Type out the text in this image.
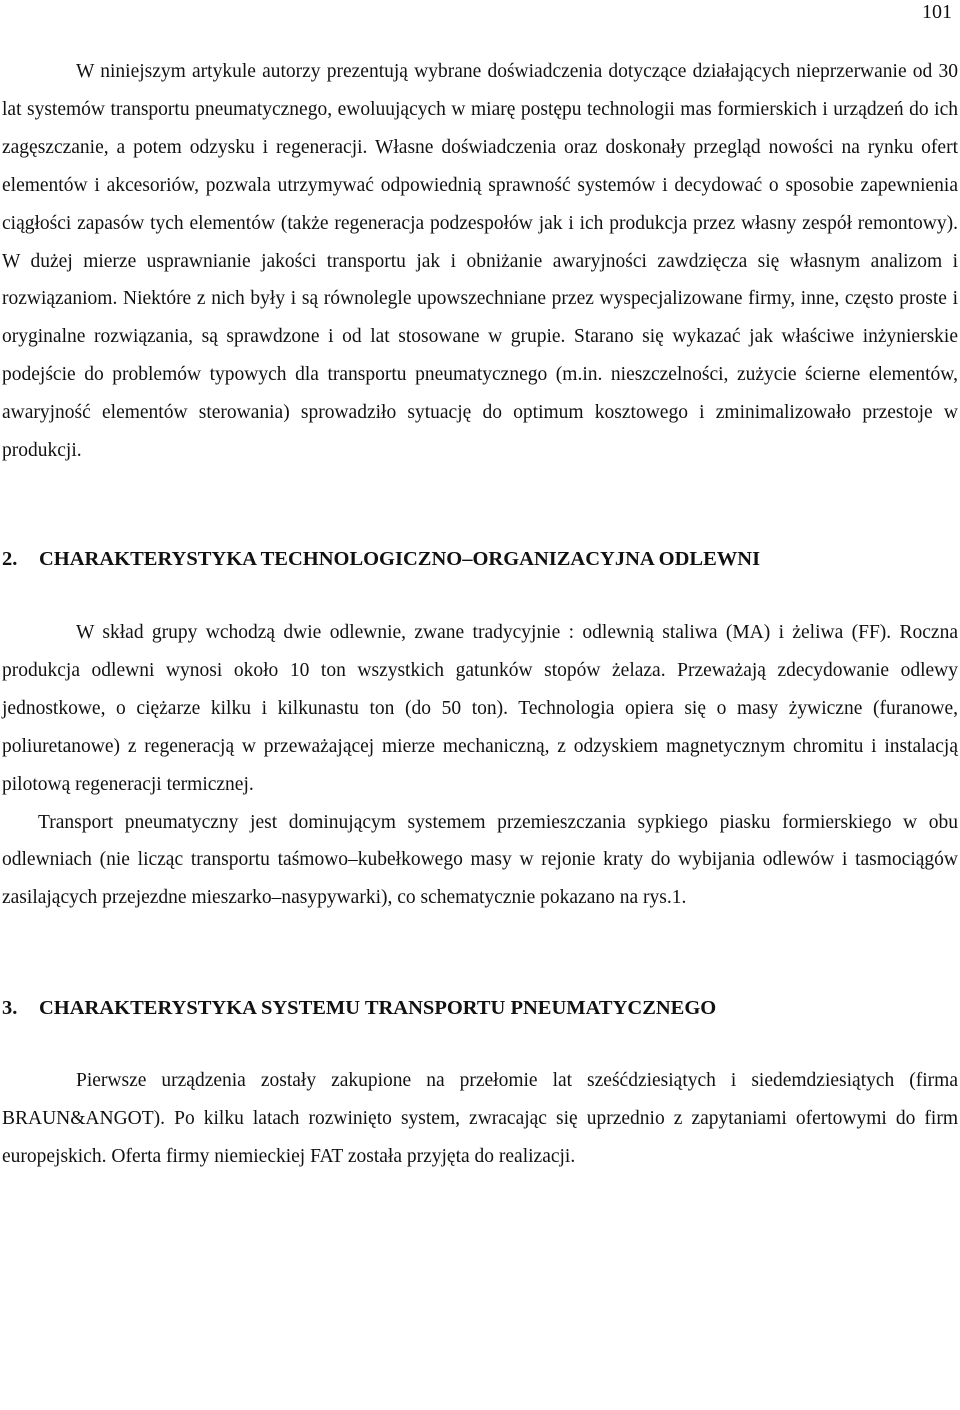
101

W niniejszym artykule autorzy prezentują wybrane doświadczenia dotyczące działających nieprzerwanie od 30 lat systemów transportu pneumatycznego, ewoluujących w miarę postępu technologii mas formierskich i urządzeń do ich zagęszczanie, a potem odzysku i regeneracji. Własne doświadczenia oraz doskonały przegląd nowości na rynku ofert elementów i akcesoriów, pozwala utrzymywać odpowiednią sprawność systemów i decydować o sposobie zapewnienia ciągłości zapasów tych elementów (także regeneracja podzespołów jak i ich produkcja przez własny zespół remontowy). W dużej mierze usprawnianie jakości transportu jak i obniżanie awaryjności zawdzięcza się własnym analizom i rozwiązaniom. Niektóre z nich były i są równolegle upowszechniane przez wyspecjalizowane firmy, inne, często proste i oryginalne rozwiązania, są sprawdzone i od lat stosowane w grupie. Starano się wykazać jak właściwe inżynierskie podejście do problemów typowych dla transportu pneumatycznego (m.in. nieszczelności, zużycie ścierne elementów, awaryjność elementów sterowania) sprowadziło sytuację do optimum kosztowego i zminimalizowało przestoje w produkcji.

2.	CHARAKTERYSTYKA TECHNOLOGICZNO–ORGANIZACYJNA ODLEWNI

W skład grupy wchodzą dwie odlewnie, zwane tradycyjnie : odlewnią staliwa (MA) i żeliwa (FF). Roczna produkcja odlewni wynosi około 10 ton wszystkich gatunków stopów żelaza. Przeważają zdecydowanie odlewy jednostkowe, o ciężarze kilku i kilkunastu ton (do 50 ton). Technologia opiera się o masy żywiczne (furanowe, poliuretanowe) z regeneracją w przeważającej mierze mechaniczną, z odzyskiem magnetycznym chromitu i instalacją pilotową regeneracji termicznej.

Transport pneumatyczny jest dominującym systemem przemieszczania sypkiego piasku formierskiego w obu odlewniach (nie licząc transportu taśmowo–kubełkowego masy w rejonie kraty do wybijania odlewów i tasmociągów zasilających przejezdne mieszarko–nasypywarki), co schematycznie pokazano na rys.1.

3.	CHARAKTERYSTYKA SYSTEMU TRANSPORTU PNEUMATYCZNEGO

Pierwsze urządzenia zostały zakupione na przełomie lat sześćdziesiątych i siedemdziesiątych (firma BRAUN&ANGOT). Po kilku latach rozwinięto system, zwracając się uprzednio z zapytaniami ofertowymi do firm europejskich. Oferta firmy niemieckiej FAT została przyjęta do realizacji.
